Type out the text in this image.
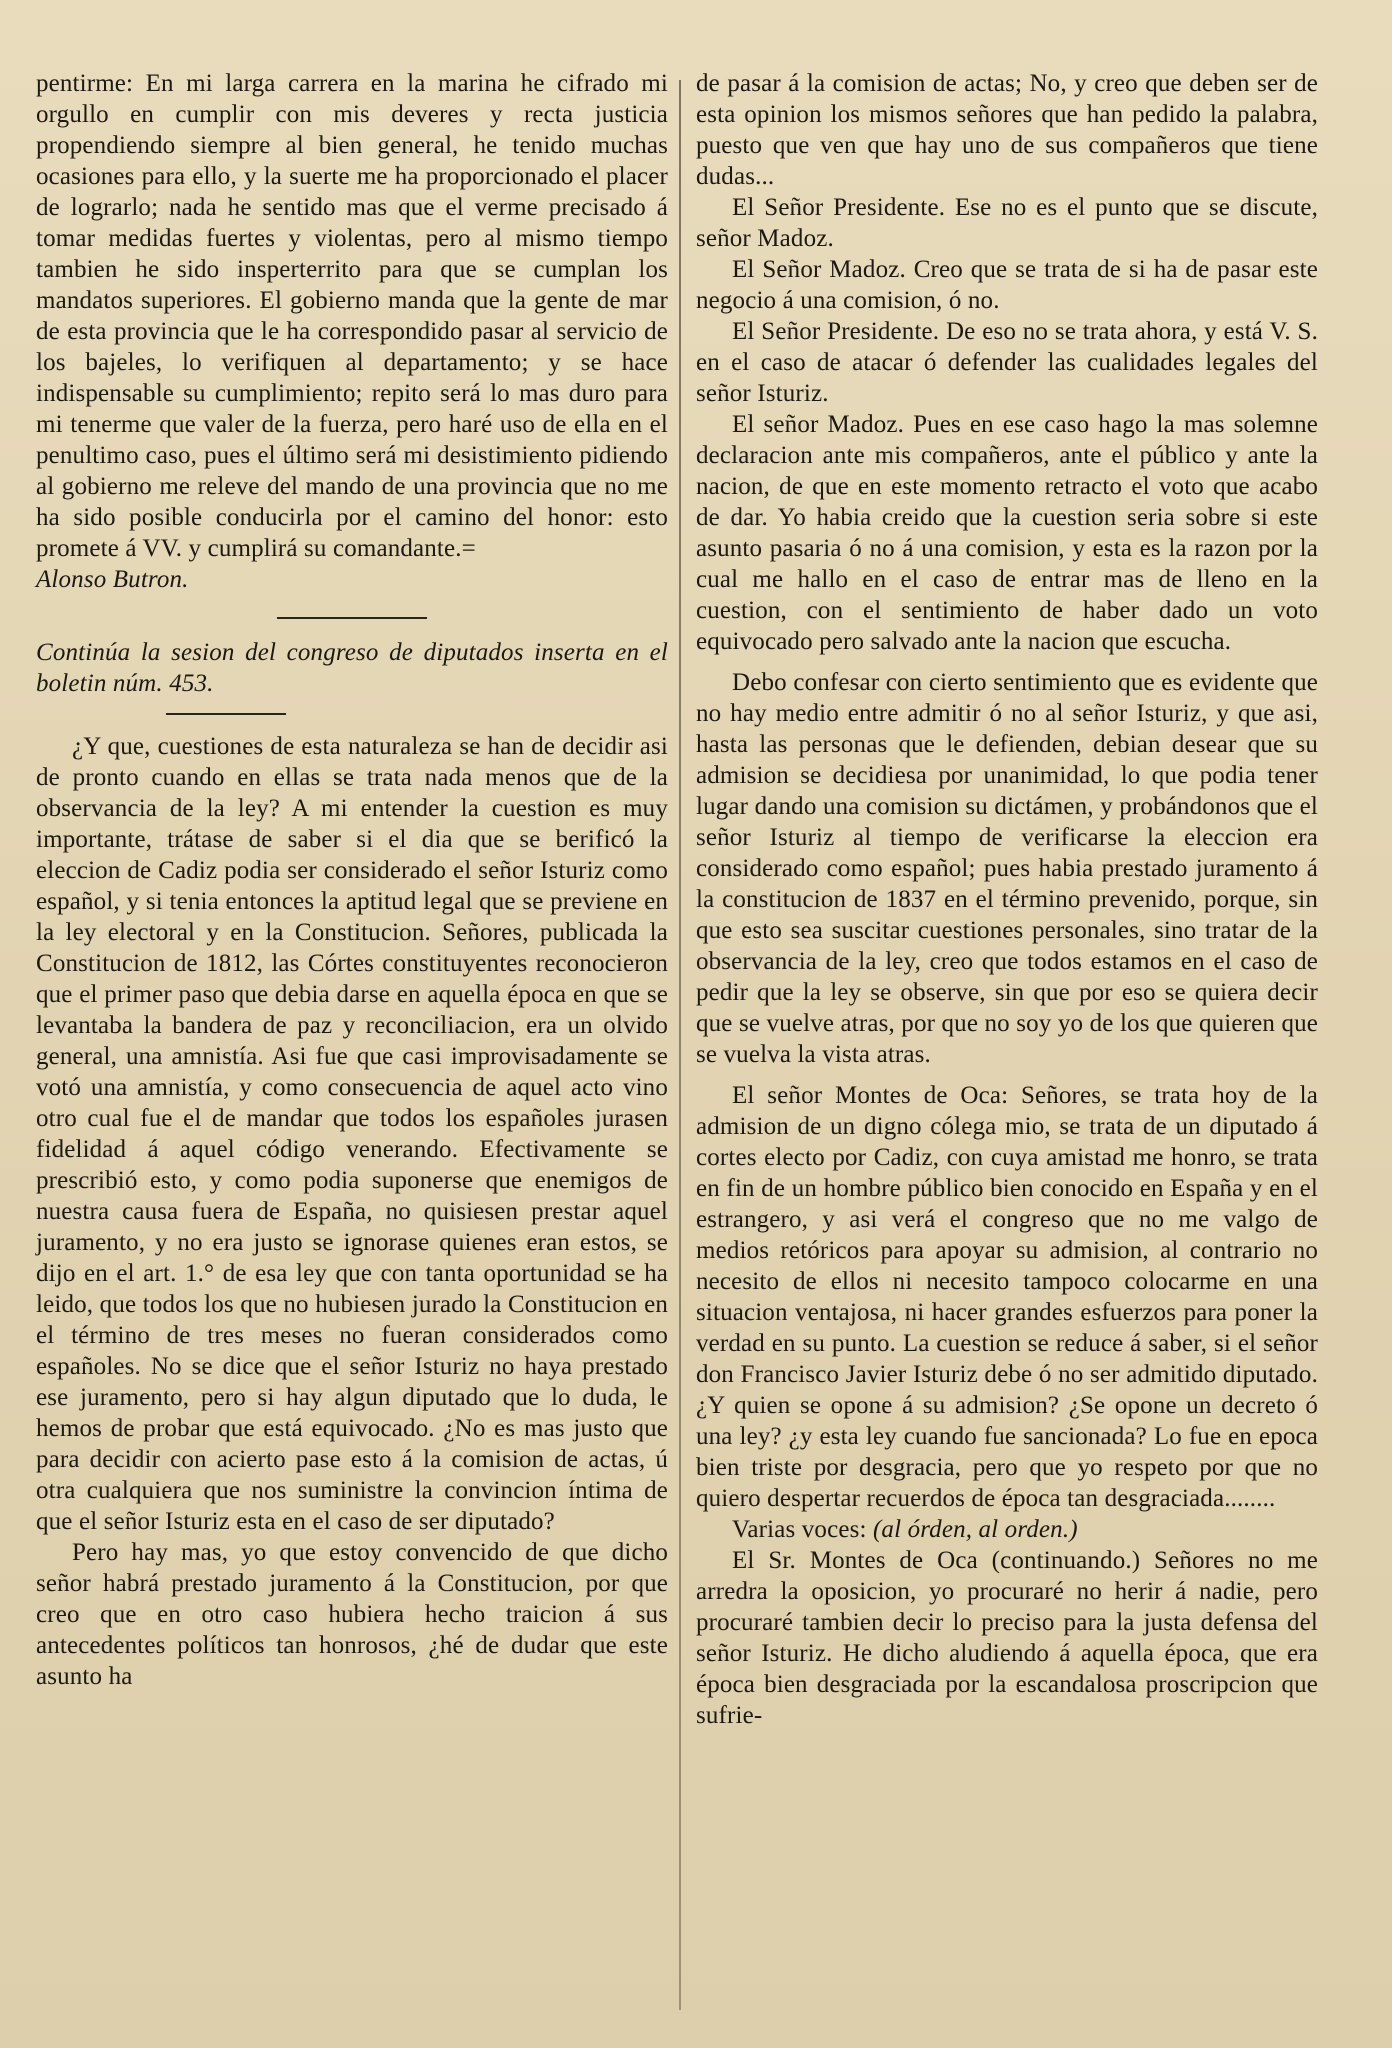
pentirme: En mi larga carrera en la marina he cifrado mi orgullo en cumplir con mis deveres y recta justicia propendiendo siempre al bien general, he tenido muchas ocasiones para ello, y la suerte me ha proporcionado el placer de lograrlo; nada he sentido mas que el verme precisado á tomar medidas fuertes y violentas, pero al mismo tiempo tambien he sido insperterrito para que se cumplan los mandatos superiores. El gobierno manda que la gente de mar de esta provincia que le ha correspondido pasar al servicio de los bajeles, lo verifiquen al departamento; y se hace indispensable su cumplimiento; repito será lo mas duro para mi tenerme que valer de la fuerza, pero haré uso de ella en el penultimo caso, pues el último será mi desistimiento pidiendo al gobierno me releve del mando de una provincia que no me ha sido posible conducirla por el camino del honor: esto promete á VV. y cumplirá su comandante.=

Alonso Butron.

Continúa la sesion del congreso de diputados inserta en el boletin núm. 453.

¿Y que, cuestiones de esta naturaleza se han de decidir asi de pronto cuando en ellas se trata nada menos que de la observancia de la ley? A mi entender la cuestion es muy importante, trátase de saber si el dia que se berificó la eleccion de Cadiz podia ser considerado el señor Isturiz como español, y si tenia entonces la aptitud legal que se previene en la ley electoral y en la Constitucion. Señores, publicada la Constitucion de 1812, las Córtes constituyentes reconocieron que el primer paso que debia darse en aquella época en que se levantaba la bandera de paz y reconciliacion, era un olvido general, una amnistía. Asi fue que casi improvisadamente se votó una amnistía, y como consecuencia de aquel acto vino otro cual fue el de mandar que todos los españoles jurasen fidelidad á aquel código venerando. Efectivamente se prescribió esto, y como podia suponerse que enemigos de nuestra causa fuera de España, no quisiesen prestar aquel juramento, y no era justo se ignorase quienes eran estos, se dijo en el art. 1.° de esa ley que con tanta oportunidad se ha leido, que todos los que no hubiesen jurado la Constitucion en el término de tres meses no fueran considerados como españoles. No se dice que el señor Isturiz no haya prestado ese juramento, pero si hay algun diputado que lo duda, le hemos de probar que está equivocado. ¿No es mas justo que para decidir con acierto pase esto á la comision de actas, ú otra cualquiera que nos suministre la convincion íntima de que el señor Isturiz esta en el caso de ser diputado?

Pero hay mas, yo que estoy convencido de que dicho señor habrá prestado juramento á la Constitucion, por que creo que en otro caso hubiera hecho traicion á sus antecedentes políticos tan honrosos, ¿hé de dudar que este asunto ha

de pasar á la comision de actas; No, y creo que deben ser de esta opinion los mismos señores que han pedido la palabra, puesto que ven que hay uno de sus compañeros que tiene dudas...

El Señor Presidente. Ese no es el punto que se discute, señor Madoz.

El Señor Madoz. Creo que se trata de si ha de pasar este negocio á una comision, ó no.

El Señor Presidente. De eso no se trata ahora, y está V. S. en el caso de atacar ó defender las cualidades legales del señor Isturiz.

El señor Madoz. Pues en ese caso hago la mas solemne declaracion ante mis compañeros, ante el público y ante la nacion, de que en este momento retracto el voto que acabo de dar. Yo habia creido que la cuestion seria sobre si este asunto pasaria ó no á una comision, y esta es la razon por la cual me hallo en el caso de entrar mas de lleno en la cuestion, con el sentimiento de haber dado un voto equivocado pero salvado ante la nacion que escucha.

Debo confesar con cierto sentimiento que es evidente que no hay medio entre admitir ó no al señor Isturiz, y que asi, hasta las personas que le defienden, debian desear que su admision se decidiesa por unanimidad, lo que podia tener lugar dando una comision su dictámen, y probándonos que el señor Isturiz al tiempo de verificarse la eleccion era considerado como español; pues habia prestado juramento á la constitucion de 1837 en el término prevenido, porque, sin que esto sea suscitar cuestiones personales, sino tratar de la observancia de la ley, creo que todos estamos en el caso de pedir que la ley se observe, sin que por eso se quiera decir que se vuelve atras, por que no soy yo de los que quieren que se vuelva la vista atras.

El señor Montes de Oca: Señores, se trata hoy de la admision de un digno cólega mio, se trata de un diputado á cortes electo por Cadiz, con cuya amistad me honro, se trata en fin de un hombre público bien conocido en España y en el estrangero, y asi verá el congreso que no me valgo de medios retóricos para apoyar su admision, al contrario no necesito de ellos ni necesito tampoco colocarme en una situacion ventajosa, ni hacer grandes esfuerzos para poner la verdad en su punto. La cuestion se reduce á saber, si el señor don Francisco Javier Isturiz debe ó no ser admitido diputado. ¿Y quien se opone á su admision? ¿Se opone un decreto ó una ley? ¿y esta ley cuando fue sancionada? Lo fue en epoca bien triste por desgracia, pero que yo respeto por que no quiero despertar recuerdos de época tan desgraciada........

Varias voces: (al órden, al orden.)

El Sr. Montes de Oca (continuando.) Señores no me arredra la oposicion, yo procuraré no herir á nadie, pero procuraré tambien decir lo preciso para la justa defensa del señor Isturiz. He dicho aludiendo á aquella época, que era época bien desgraciada por la escandalosa proscripcion que sufrie-
